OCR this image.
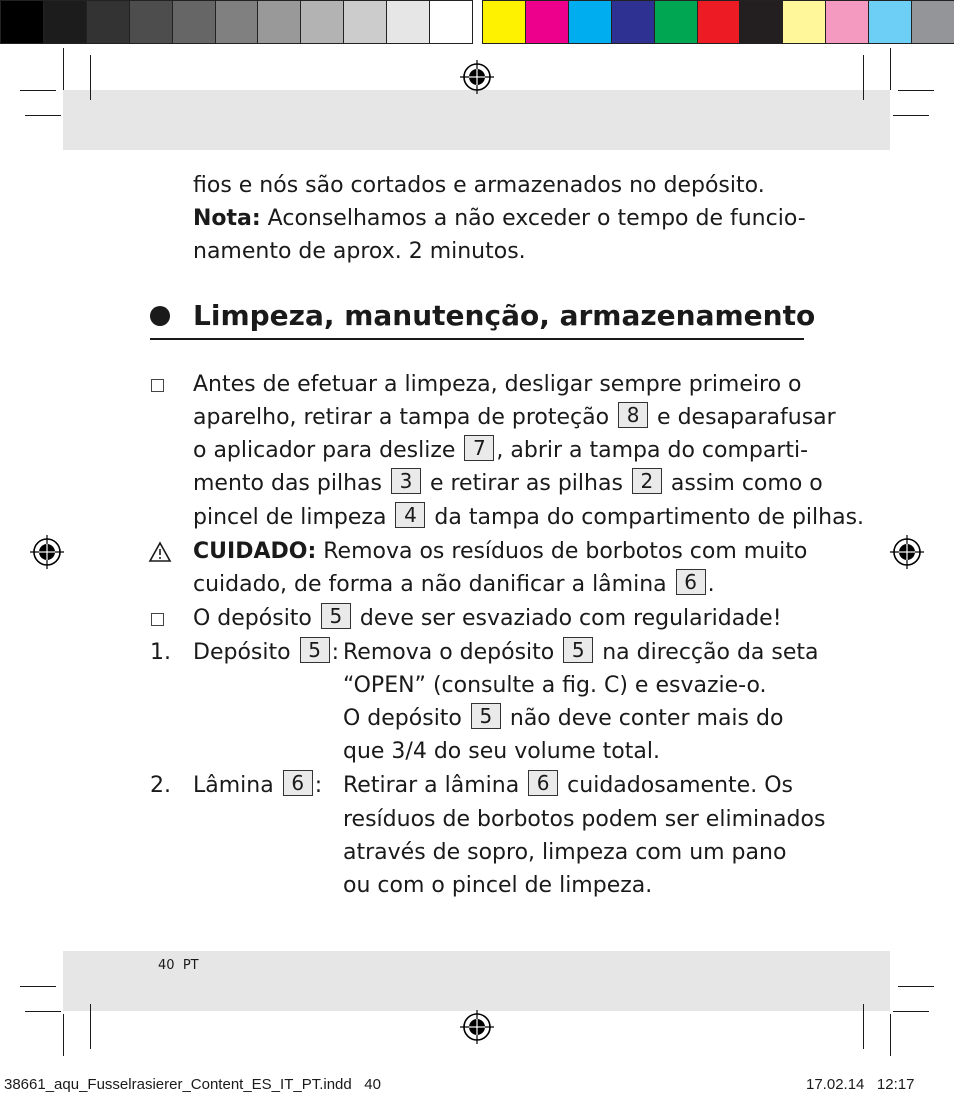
fios e nós são cortados e armazenados no depósito.
Nota: Aconselhamos a não exceder o tempo de funcio-
namento de aprox. 2 minutos.
Limpeza, manutenção, armazenamento
Antes de efetuar a limpeza, desligar sempre primeiro o
aparelho, retirar a tampa de proteção 8 e desaparafusar
o aplicador para deslize 7 , abrir a tampa do comparti-
mento das pilhas 3 e retirar as pilhas 2 assim como o
pincel de limpeza 4 da tampa do compartimento de pilhas.
CUIDADO: Remova os resíduos de borbotos com muito
cuidado, de forma a não danificar a lâmina 6 .
O depósito 5 deve ser esvaziado com regularidade!
1. Depósito 5 : Remova o depósito 5 na direcção da seta
“OPEN” (consulte a fig. C) e esvazie-o.
O depósito 5 não deve conter mais do
que 3/4 do seu volume total.
2. Lâmina 6 : Retirar a lâmina 6 cuidadosamente. Os
resíduos de borbotos podem ser eliminados
através de sopro, limpeza com um pano
ou com o pincel de limpeza.
40 PT
38661_aqu_Fusselrasierer_Content_ES_IT_PT.indd 40	17.02.14 12:17
